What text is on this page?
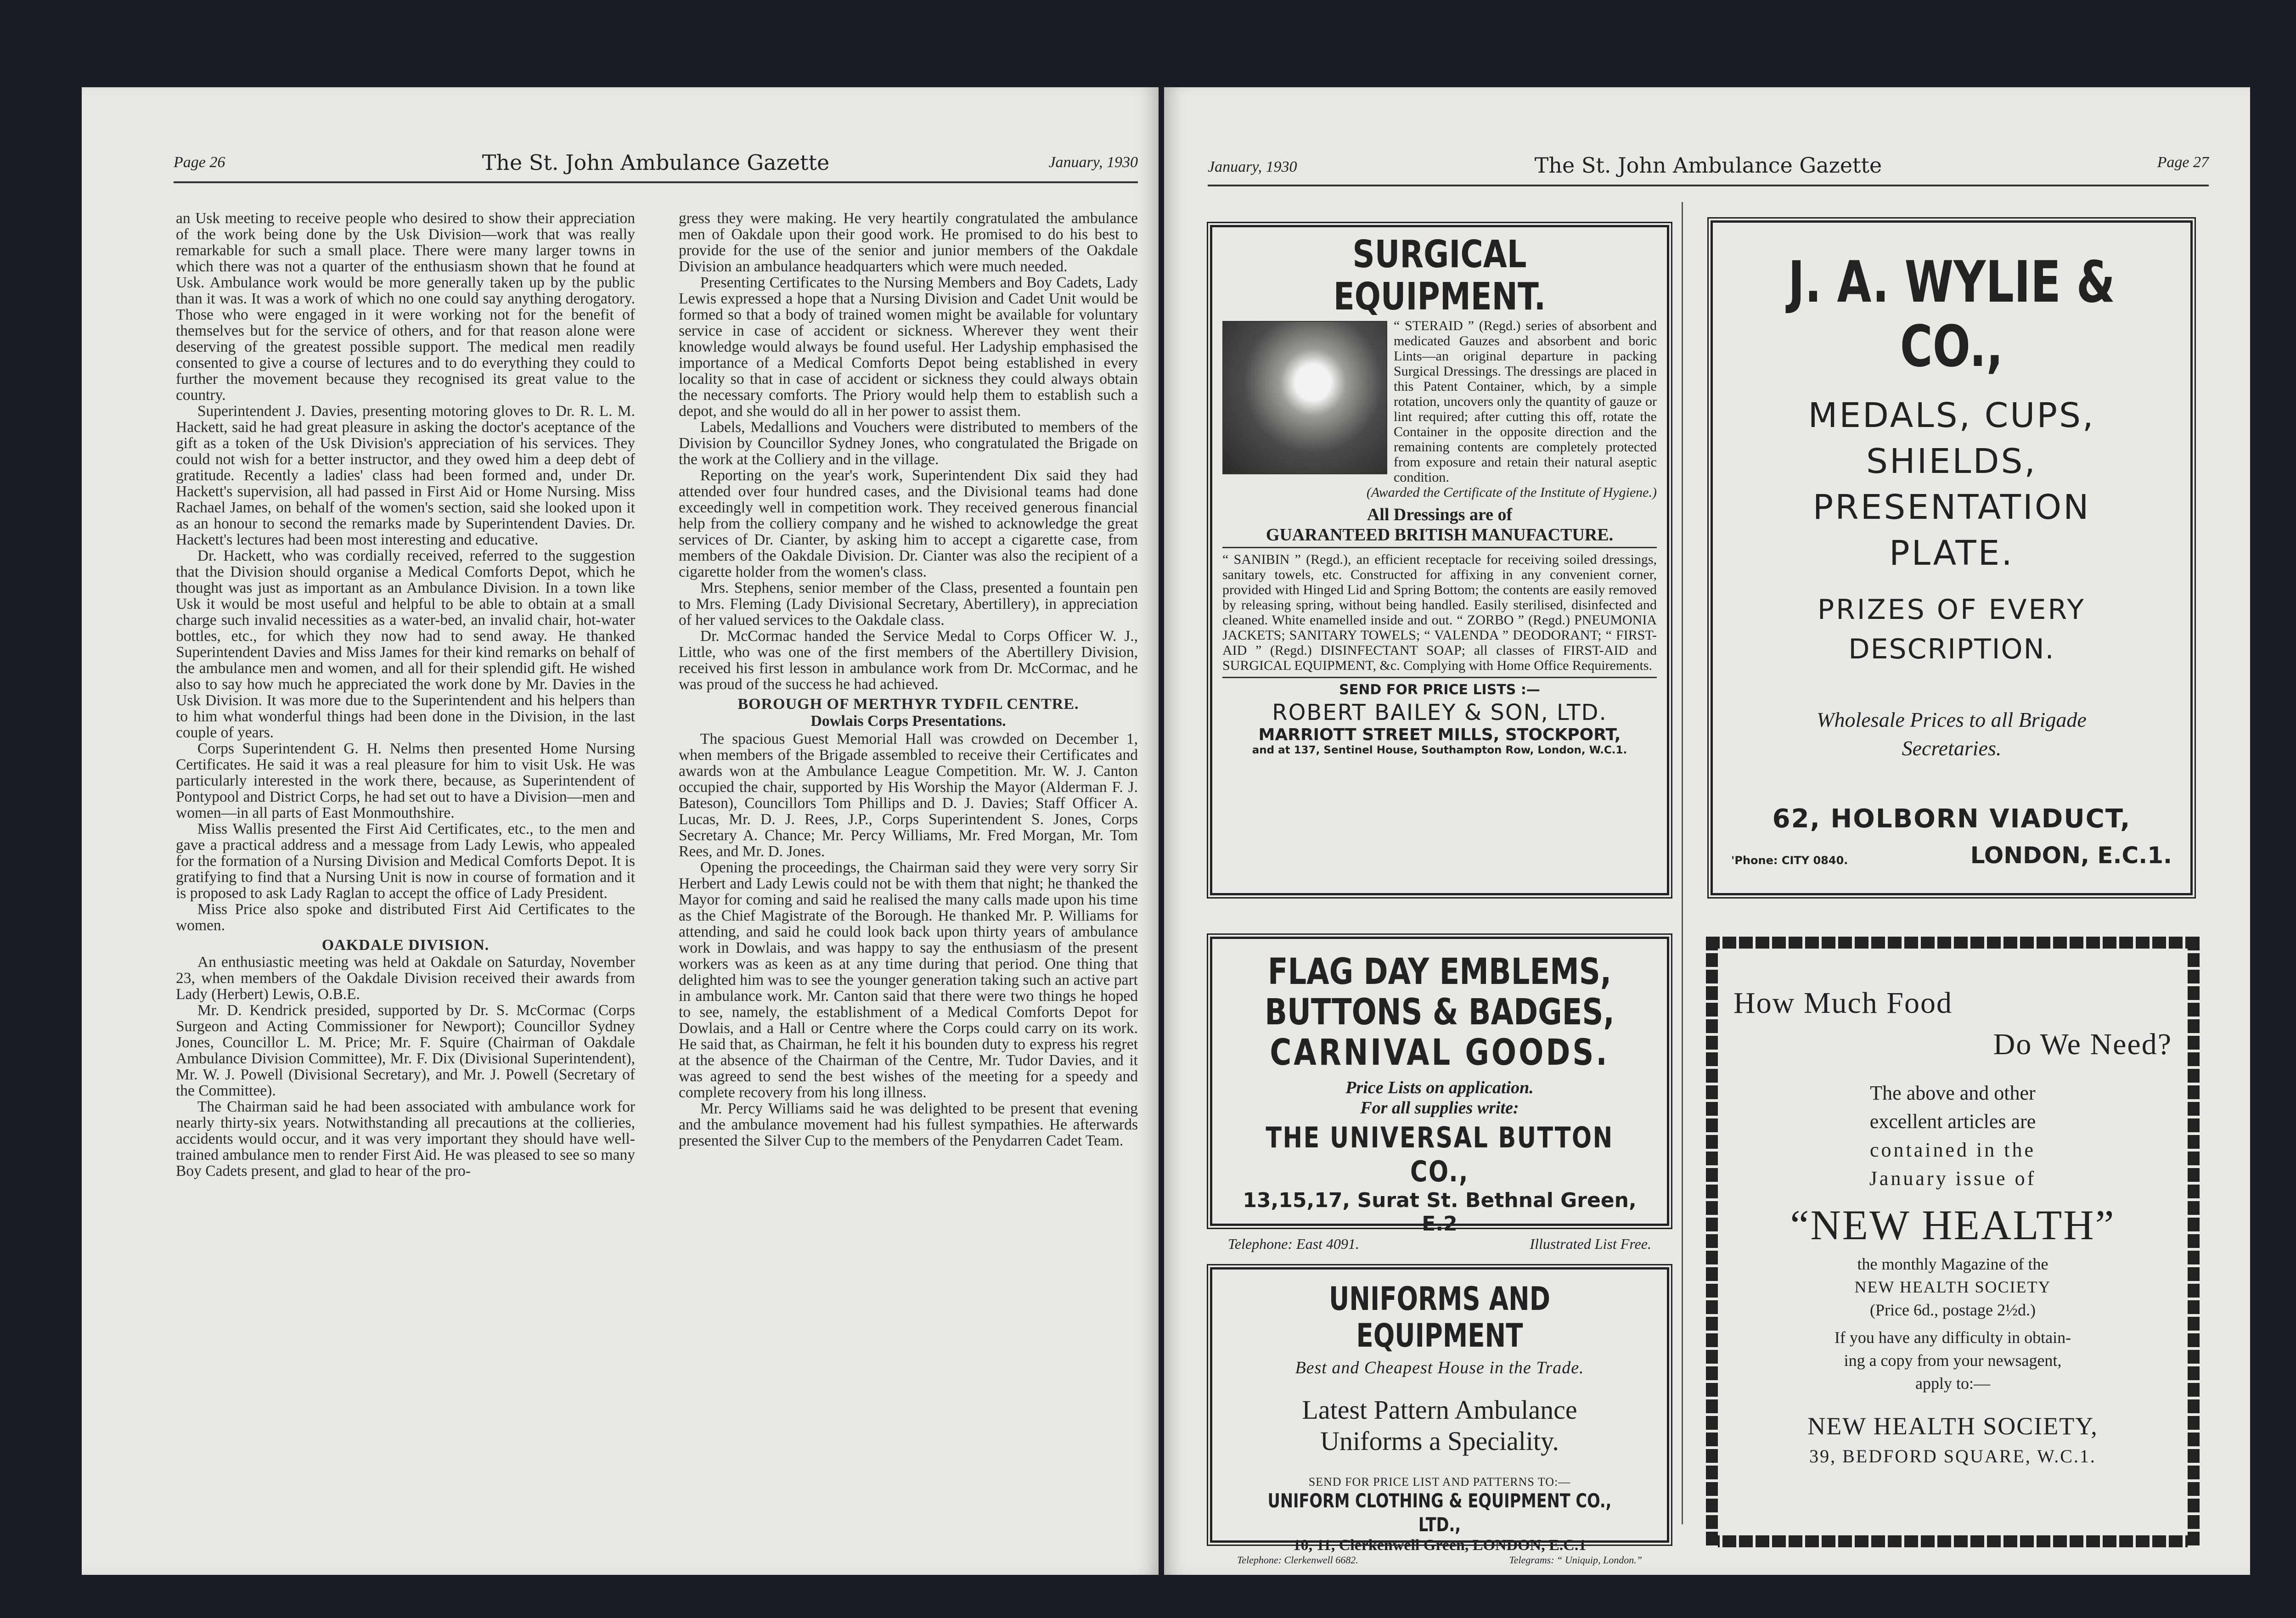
Page 26	The St. John Ambulance Gazette	January, 1930

an Usk meeting to receive people who desired to show their appreciation of the work being done by the Usk Division—work that was really remarkable for such a small place. There were many larger towns in which there was not a quarter of the enthusiasm shown that he found at Usk. Ambulance work would be more generally taken up by the public than it was. It was a work of which no one could say anything derogatory. Those who were engaged in it were working not for the benefit of themselves but for the service of others, and for that reason alone were deserving of the greatest possible support. The medical men readily consented to give a course of lectures and to do everything they could to further the movement because they recognised its great value to the country.

Superintendent J. Davies, presenting motoring gloves to Dr. R. L. M. Hackett, said he had great pleasure in asking the doctor's aceptance of the gift as a token of the Usk Division's appreciation of his services. They could not wish for a better instructor, and they owed him a deep debt of gratitude. Recently a ladies' class had been formed and, under Dr. Hackett's supervision, all had passed in First Aid or Home Nursing. Miss Rachael James, on behalf of the women's section, said she looked upon it as an honour to second the remarks made by Superintendent Davies. Dr. Hackett's lectures had been most interesting and educative.

Dr. Hackett, who was cordially received, referred to the suggestion that the Division should organise a Medical Comforts Depot, which he thought was just as important as an Ambulance Division. In a town like Usk it would be most useful and helpful to be able to obtain at a small charge such invalid necessities as a water-bed, an invalid chair, hot-water bottles, etc., for which they now had to send away. He thanked Superintendent Davies and Miss James for their kind remarks on behalf of the ambulance men and women, and all for their splendid gift. He wished also to say how much he appreciated the work done by Mr. Davies in the Usk Division. It was more due to the Superintendent and his helpers than to him what wonderful things had been done in the Division, in the last couple of years.

Corps Superintendent G. H. Nelms then presented Home Nursing Certificates. He said it was a real pleasure for him to visit Usk. He was particularly interested in the work there, because, as Superintendent of Pontypool and District Corps, he had set out to have a Division—men and women—in all parts of East Monmouthshire.

Miss Wallis presented the First Aid Certificates, etc., to the men and gave a practical address and a message from Lady Lewis, who appealed for the formation of a Nursing Division and Medical Comforts Depot. It is gratifying to find that a Nursing Unit is now in course of formation and it is proposed to ask Lady Raglan to accept the office of Lady President.

Miss Price also spoke and distributed First Aid Certificates to the women.

OAKDALE DIVISION.

An enthusiastic meeting was held at Oakdale on Saturday, November 23, when members of the Oakdale Division received their awards from Lady (Herbert) Lewis, O.B.E.

Mr. D. Kendrick presided, supported by Dr. S. McCormac (Corps Surgeon and Acting Commissioner for Newport); Councillor Sydney Jones, Councillor L. M. Price; Mr. F. Squire (Chairman of Oakdale Ambulance Division Committee), Mr. F. Dix (Divisional Superintendent), Mr. W. J. Powell (Divisional Secretary), and Mr. J. Powell (Secretary of the Committee).

The Chairman said he had been associated with ambulance work for nearly thirty-six years. Notwithstanding all precautions at the collieries, accidents would occur, and it was very important they should have well-trained ambulance men to render First Aid. He was pleased to see so many Boy Cadets present, and glad to hear of the pro-

gress they were making. He very heartily congratulated the ambulance men of Oakdale upon their good work. He promised to do his best to provide for the use of the senior and junior members of the Oakdale Division an ambulance headquarters which were much needed.

Presenting Certificates to the Nursing Members and Boy Cadets, Lady Lewis expressed a hope that a Nursing Division and Cadet Unit would be formed so that a body of trained women might be available for voluntary service in case of accident or sickness. Wherever they went their knowledge would always be found useful. Her Ladyship emphasised the importance of a Medical Comforts Depot being established in every locality so that in case of accident or sickness they could always obtain the necessary comforts. The Priory would help them to establish such a depot, and she would do all in her power to assist them.

Labels, Medallions and Vouchers were distributed to members of the Division by Councillor Sydney Jones, who congratulated the Brigade on the work at the Colliery and in the village.

Reporting on the year's work, Superintendent Dix said they had attended over four hundred cases, and the Divisional teams had done exceedingly well in competition work. They received generous financial help from the colliery company and he wished to acknowledge the great services of Dr. Cianter, by asking him to accept a cigarette case, from members of the Oakdale Division. Dr. Cianter was also the recipient of a cigarette holder from the women's class.

Mrs. Stephens, senior member of the Class, presented a fountain pen to Mrs. Fleming (Lady Divisional Secretary, Abertillery), in appreciation of her valued services to the Oakdale class.

Dr. McCormac handed the Service Medal to Corps Officer W. J., Little, who was one of the first members of the Abertillery Division, received his first lesson in ambulance work from Dr. McCormac, and he was proud of the success he had achieved.

BOROUGH OF MERTHYR TYDFIL CENTRE.
Dowlais Corps Presentations.

The spacious Guest Memorial Hall was crowded on December 1, when members of the Brigade assembled to receive their Certificates and awards won at the Ambulance League Competition. Mr. W. J. Canton occupied the chair, supported by His Worship the Mayor (Alderman F. J. Bateson), Councillors Tom Phillips and D. J. Davies; Staff Officer A. Lucas, Mr. D. J. Rees, J.P., Corps Superintendent S. Jones, Corps Secretary A. Chance; Mr. Percy Williams, Mr. Fred Morgan, Mr. Tom Rees, and Mr. D. Jones.

Opening the proceedings, the Chairman said they were very sorry Sir Herbert and Lady Lewis could not be with them that night; he thanked the Mayor for coming and said he realised the many calls made upon his time as the Chief Magistrate of the Borough. He thanked Mr. P. Williams for attending, and said he could look back upon thirty years of ambulance work in Dowlais, and was happy to say the enthusiasm of the present workers was as keen as at any time during that period. One thing that delighted him was to see the younger generation taking such an active part in ambulance work. Mr. Canton said that there were two things he hoped to see, namely, the establishment of a Medical Comforts Depot for Dowlais, and a Hall or Centre where the Corps could carry on its work. He said that, as Chairman, he felt it his bounden duty to express his regret at the absence of the Chairman of the Centre, Mr. Tudor Davies, and it was agreed to send the best wishes of the meeting for a speedy and complete recovery from his long illness.

Mr. Percy Williams said he was delighted to be present that evening and the ambulance movement had his fullest sympathies. He afterwards presented the Silver Cup to the members of the Penydarren Cadet Team.

January, 1930	The St. John Ambulance Gazette	Page 27
SURGICAL EQUIPMENT.
“ STERAID ” (Regd.) series of absorbent and medicated Gauzes and absorbent and boric Lints—an original departure in packing Surgical Dressings. The dressings are placed in this Patent Container, which, by a simple rotation, uncovers only the quantity of gauze or lint required; after cutting this off, rotate the Container in the opposite direction and the remaining contents are completely protected from exposure and retain their natural aseptic condition.
(Awarded the Certificate of the Institute of Hygiene.)
All Dressings are of
GUARANTEED BRITISH MANUFACTURE.
“ SANIBIN ” (Regd.), an efficient receptacle for receiving soiled dressings, sanitary towels, etc. Constructed for affixing in any convenient corner, provided with Hinged Lid and Spring Bottom; the contents are easily removed by releasing spring, without being handled. Easily sterilised, disinfected and cleaned. White enamelled inside and out. “ ZORBO ” (Regd.) PNEUMONIA JACKETS; SANITARY TOWELS; “ VALENDA ” DEODORANT; “ FIRST-AID ” (Regd.) DISINFECTANT SOAP; all classes of FIRST-AID and SURGICAL EQUIPMENT, &c. Complying with Home Office Requirements.
SEND FOR PRICE LISTS :—
ROBERT BAILEY & SON, LTD.
MARRIOTT STREET MILLS, STOCKPORT,
and at 137, Sentinel House, Southampton Row, London, W.C.1.
J. A. WYLIE & CO.,
MEDALS, CUPS,
SHIELDS,
PRESENTATION
PLATE.
PRIZES OF EVERY
DESCRIPTION.
Wholesale Prices to all Brigade
Secretaries.
62, HOLBORN VIADUCT,
'Phone: CITY 0840.	LONDON, E.C.1.
FLAG DAY EMBLEMS,
BUTTONS & BADGES,
CARNIVAL GOODS.
Price Lists on application.
For all supplies write:
THE UNIVERSAL BUTTON CO.,
13,15,17, Surat St. Bethnal Green, E.2
Telephone: East 4091.	Illustrated List Free.
How Much Food
Do We Need?
The above and other
excellent articles are
contained in the
January issue of
“NEW HEALTH”
the monthly Magazine of the
NEW HEALTH SOCIETY
(Price 6d., postage 2½d.)
If you have any difficulty in obtain-
ing a copy from your newsagent,
apply to:—
NEW HEALTH SOCIETY,
39, BEDFORD SQUARE, W.C.1.
UNIFORMS AND EQUIPMENT
Best and Cheapest House in the Trade.
Latest Pattern Ambulance
Uniforms a Speciality.
SEND FOR PRICE LIST AND PATTERNS TO:—
UNIFORM CLOTHING & EQUIPMENT CO., LTD.,
10, 11, Clerkenwell Green, LONDON, E.C.1
Telephone: Clerkenwell 6682.	Telegrams: “ Uniquip, London.”
